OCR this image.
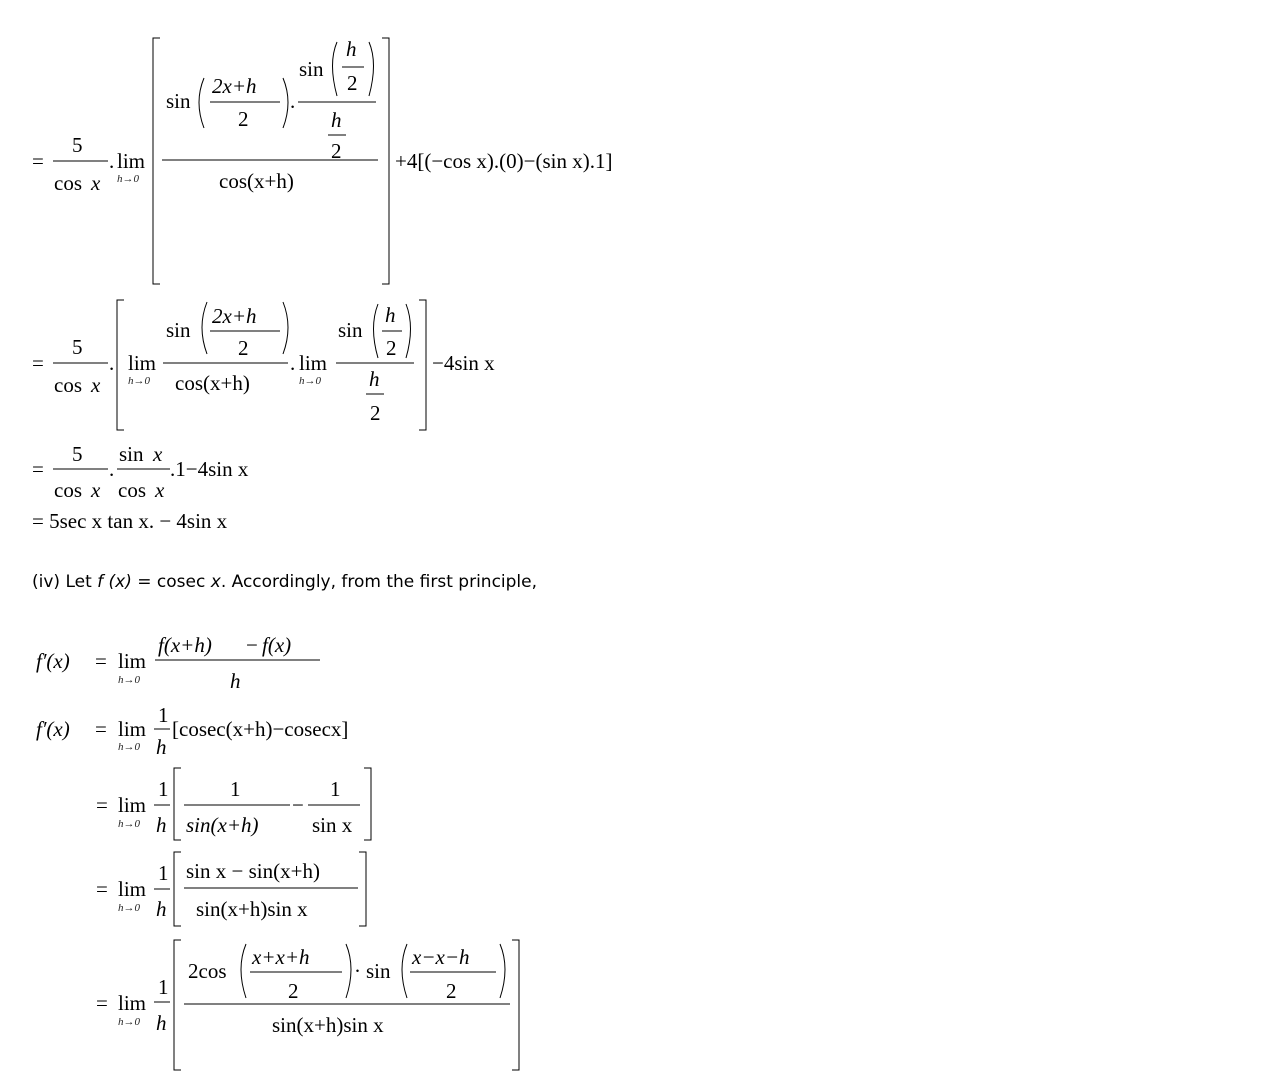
=
5
cos x
. lim
h→0
sin
2x+h
2
.
sin
h
2
h
2
cos(x+h)
+4[(−cos x).(0)−(sin x).1]
=
5
cos x
. lim
h→0
sin
2x+h
2
cos(x+h)
. lim
h→0
sin
h
2
h
2
−4sin x
=
5
cos x
.
sin x
cos x
.1−4sin x
= 5sec x tan x. − 4sin x
f′(x) = lim
h→0
f(x+h) − f(x)
h
f′(x) = lim
h→0
1
h
[cosec(x+h)−cosecx]
= lim
h→0
1
h
1
sin(x+h)
−
1
sin x
= lim
h→0
1
h
sin x − sin(x+h)
sin(x+h)sin x
= lim
h→0
1
h
2cos
x+x+h
2
· sin
x−x−h
2
sin(x+h)sin x
(iv) Let f (x) = cosec x. Accordingly, from the first principle,
